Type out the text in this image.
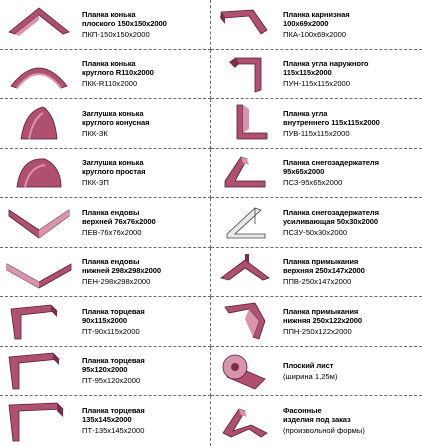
Планка конька
плоского 150x150x2000
ПКП-150x150x2000
Планка карнизная
100x69x2000
ПКА-100x69x2000
Планка конька
круглого R110x2000
ПКК-R110x2000
Планка угла наружного
115x115x2000
ПУН-115x115x2000
Заглушка конька
круглого конусная
ПКК-ЗК
Планка угла
внутреннего 115x115x2000
ПУВ-115x115x2000
Заглушка конька
круглого простая
ПКК-ЗП
Планка снегозадержателя
95x65x2000
ПСЗ-95x65x2000
Планка ендовы
верхней 76x76x2000
ПЕВ-76x76x2000
Планка снегозадержателя
усиливающая 50x30x2000
ПСЗУ-50x30x2000
Планка ендовы
нижней 298x298x2000
ПЕН-298x298x2000
Планка примыкания
верхняя 250x147x2000
ППВ-250x147x2000
Планка торцевая
90x115x2000
ПТ-90x115x2000
Планка примыкания
нижняя 250x122x2000
ППН-250x122x2000
Планка торцевая
95x120x2000
ПТ-95x120x2000
Плоский лист
(ширина 1,25м)
Планка торцевая
135x145x2000
ПТ-135x145x2000
Фасонные
изделия под заказ
(произвольной формы)
